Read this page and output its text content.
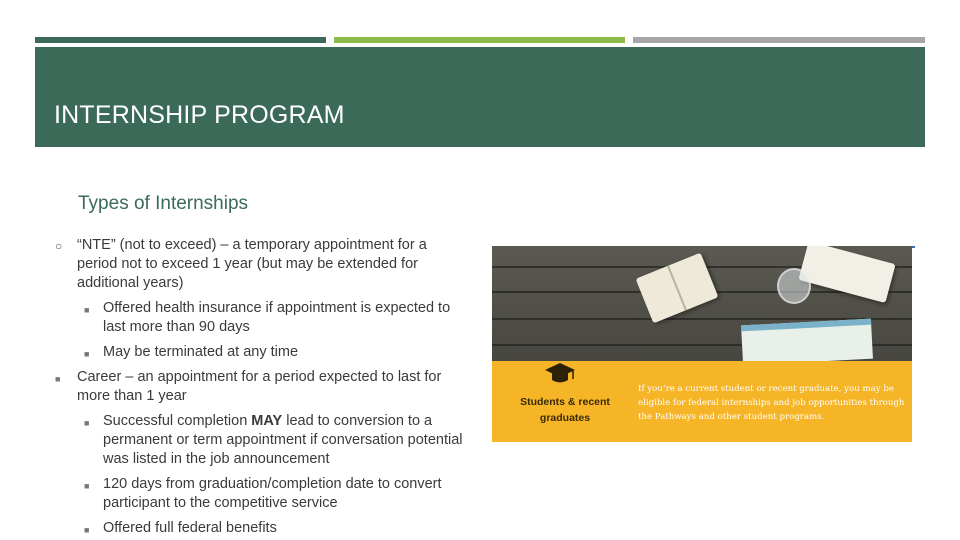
INTERNSHIP PROGRAM
Types of Internships
○ “NTE” (not to exceed) – a temporary appointment for a period not to exceed 1 year (but may be extended for additional years)
■ Offered health insurance if appointment is expected to last more than 90 days
■ May be terminated at any time
■ Career – an appointment for a period expected to last for more than 1 year
■ Successful completion MAY lead to conversion to a permanent or term appointment if conversation potential was listed in the job announcement
■ 120 days from graduation/completion date to convert participant to the competitive service
■ Offered full federal benefits
Students & recent graduates
If you’re a current student or recent graduate, you may be eligible for federal internships and job opportunities through the Pathways and other student programs.
